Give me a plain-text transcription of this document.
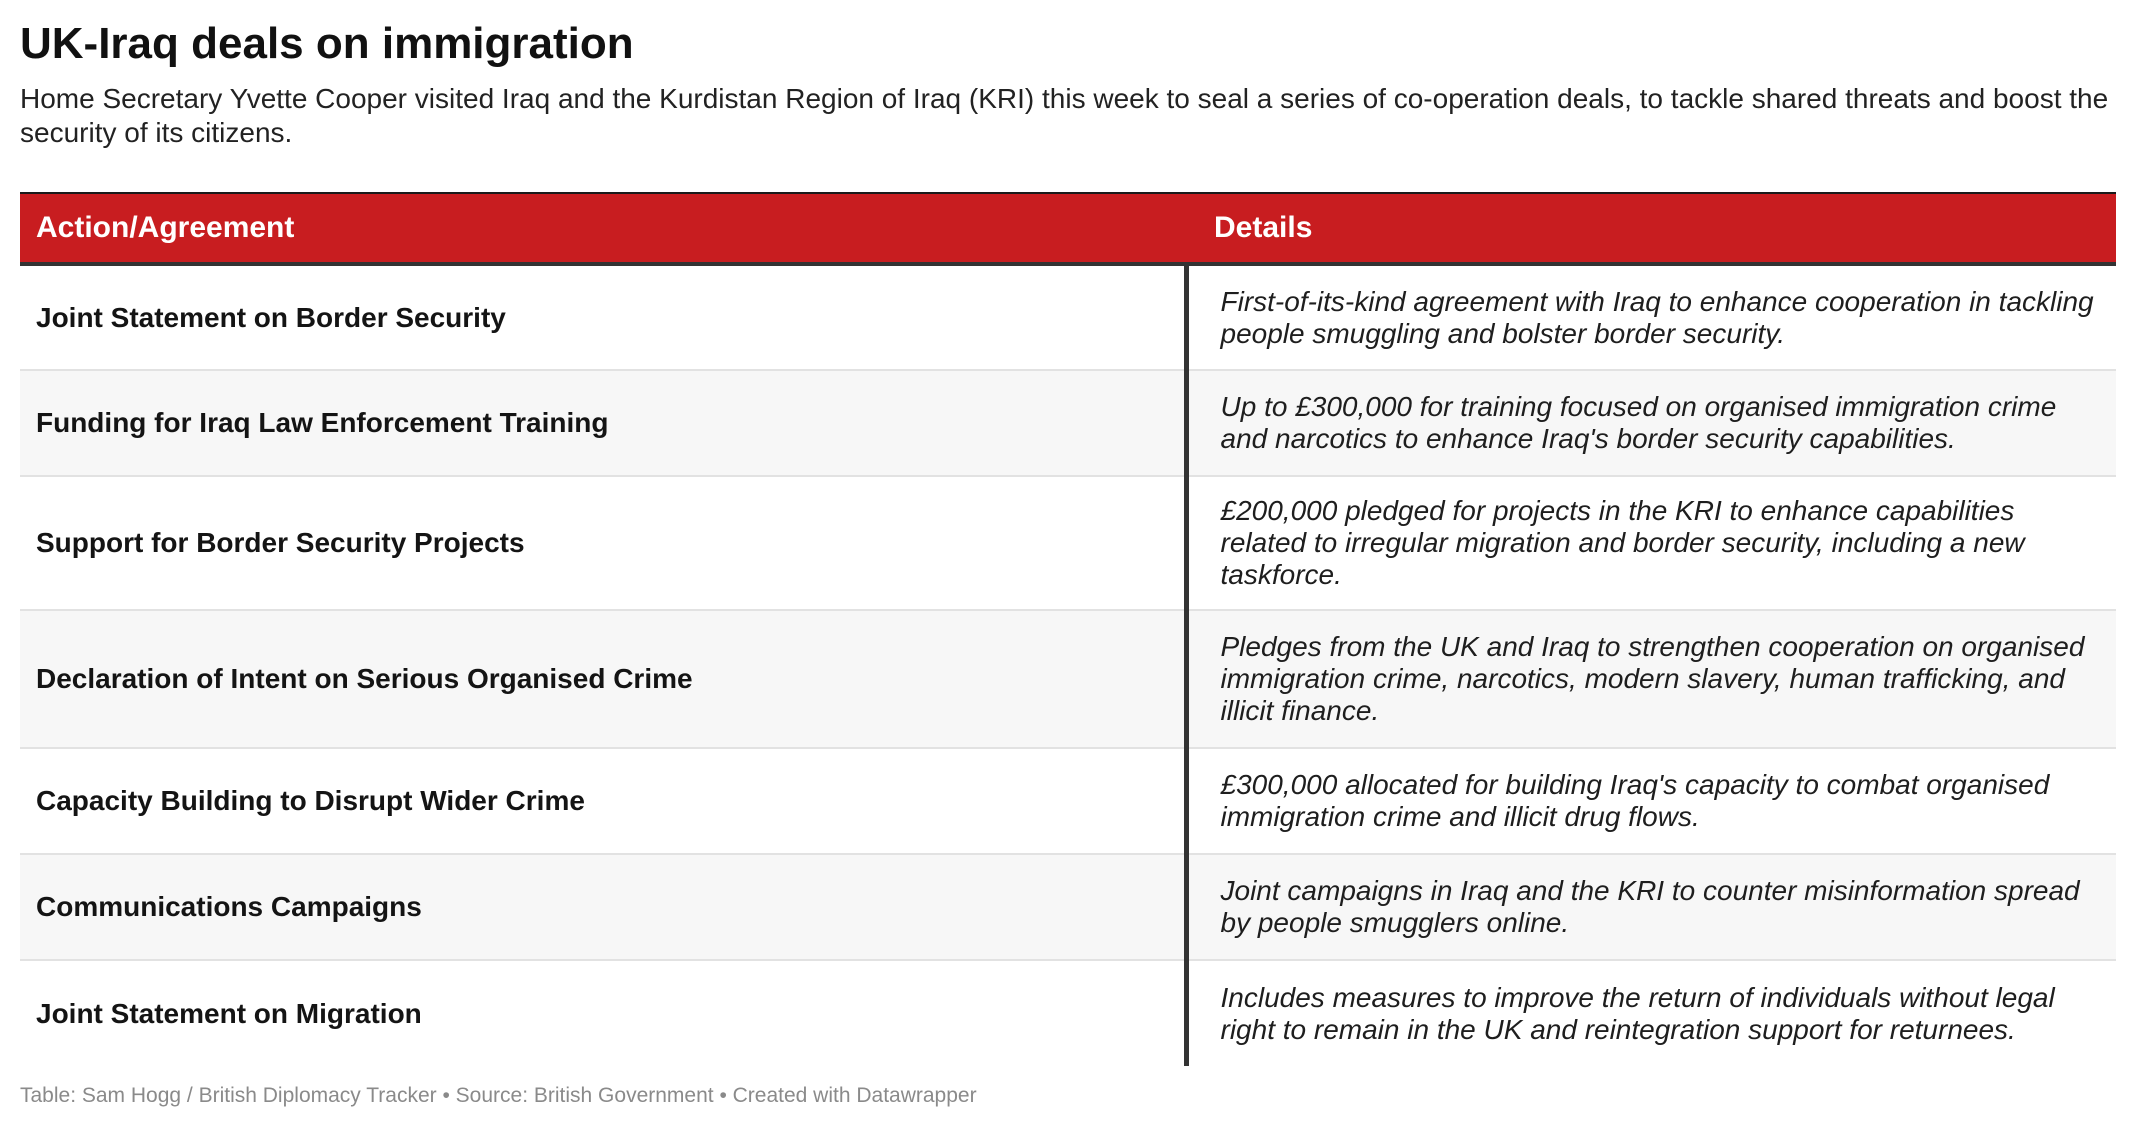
UK-Iraq deals on immigration
Home Secretary Yvette Cooper visited Iraq and the Kurdistan Region of Iraq (KRI) this week to seal a series of co-operation deals, to tackle shared threats and boost the security of its citizens.
Action/Agreement	Details
Joint Statement on Border Security	First-of-its-kind agreement with Iraq to enhance cooperation in tackling people smuggling and bolster border security.
Funding for Iraq Law Enforcement Training	Up to £300,000 for training focused on organised immigration crime and narcotics to enhance Iraq's border security capabilities.
Support for Border Security Projects	£200,000 pledged for projects in the KRI to enhance capabilities related to irregular migration and border security, including a new taskforce.
Declaration of Intent on Serious Organised Crime	Pledges from the UK and Iraq to strengthen cooperation on organised immigration crime, narcotics, modern slavery, human trafficking, and illicit finance.
Capacity Building to Disrupt Wider Crime	£300,000 allocated for building Iraq's capacity to combat organised immigration crime and illicit drug flows.
Communications Campaigns	Joint campaigns in Iraq and the KRI to counter misinformation spread by people smugglers online.
Joint Statement on Migration	Includes measures to improve the return of individuals without legal right to remain in the UK and reintegration support for returnees.
Table: Sam Hogg / British Diplomacy Tracker • Source: British Government • Created with Datawrapper
